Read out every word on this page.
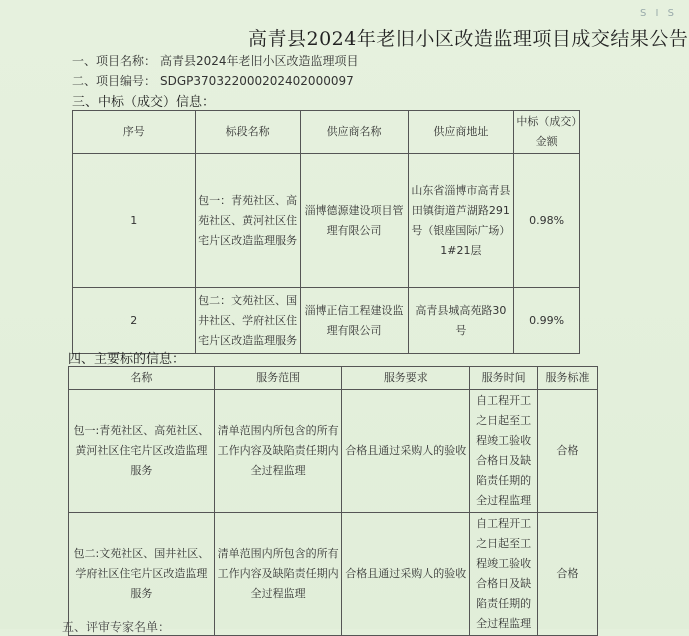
S I S
高青县2024年老旧小区改造监理项目成交结果公告
一、项目名称： 高青县2024年老旧小区改造监理项目
二、项目编号： SDGP370322000202402000097
三、中标（成交）信息：
序号	标段名称	供应商名称	供应商地址	中标（成交）金额
1	包一：青苑社区、高苑社区、黄河社区住宅片区改造监理服务	淄博德源建设项目管理有限公司	山东省淄博市高青县田镇街道芦湖路291号（银座国际广场）1#21层	0.98%
2	包二：文苑社区、国井社区、学府社区住宅片区改造监理服务	淄博正信工程建设监理有限公司	高青县城高苑路30号	0.99%
四、主要标的信息：
名称	服务范围	服务要求	服务时间	服务标准
包一:青苑社区、高苑社区、黄河社区住宅片区改造监理服务	清单范围内所包含的所有工作内容及缺陷责任期内全过程监理	合格且通过采购人的验收	自工程开工之日起至工程竣工验收合格日及缺陷责任期的全过程监理	合格
包二:文苑社区、国井社区、学府社区住宅片区改造监理服务	清单范围内所包含的所有工作内容及缺陷责任期内全过程监理	合格且通过采购人的验收	自工程开工之日起至工程竣工验收合格日及缺陷责任期的全过程监理	合格
五、评审专家名单：
